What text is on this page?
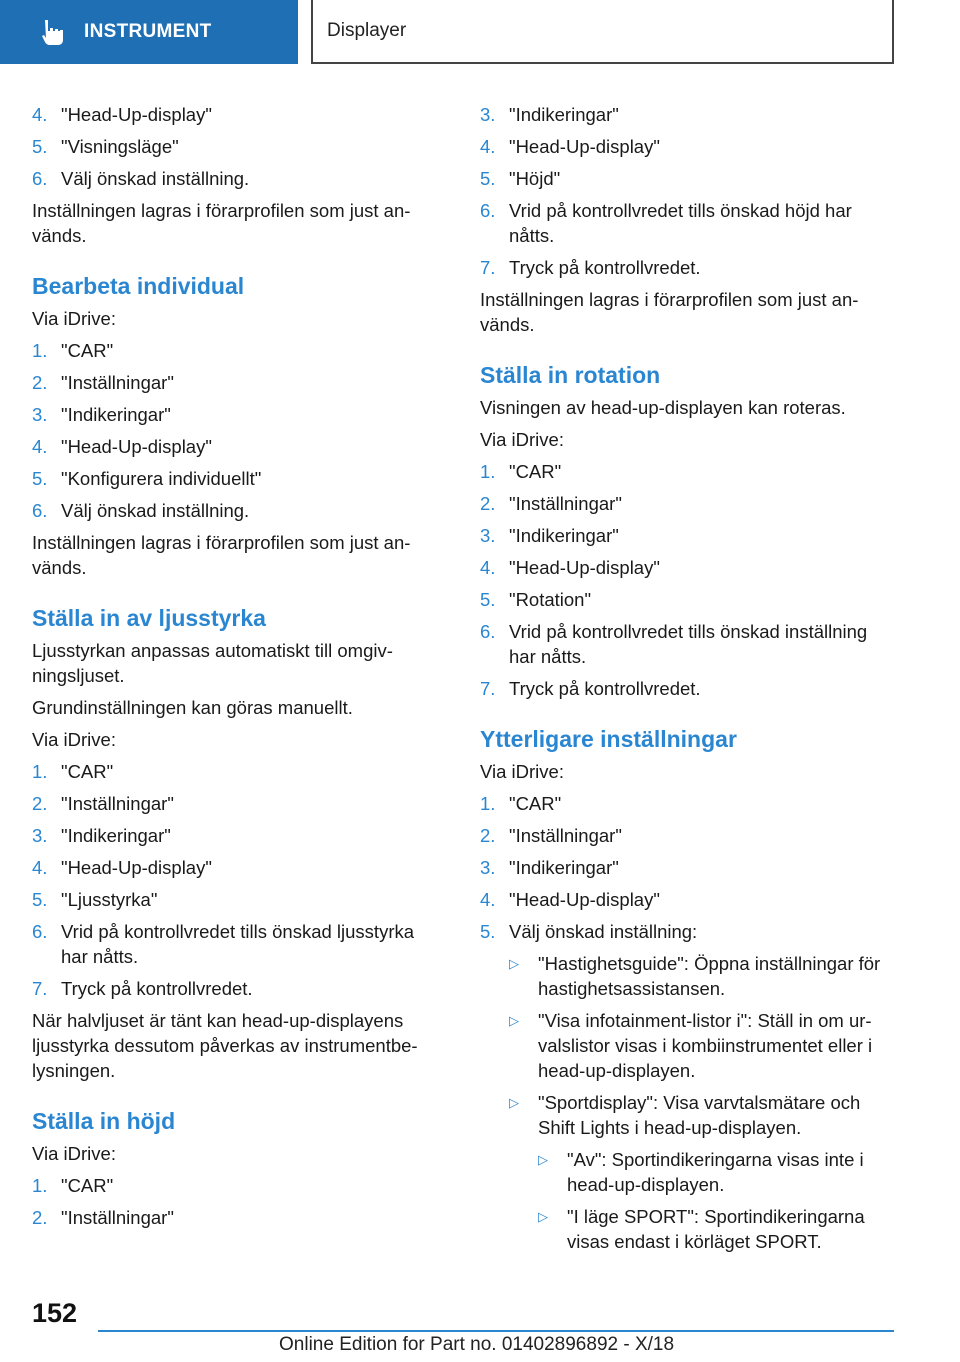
INSTRUMENT	Displayer
4. "Head-Up-display"
5. "Visningsläge"
6. Välj önskad inställning.
Inställningen lagras i förarprofilen som just an-vänds.
Bearbeta individual
Via iDrive:
1. "CAR"
2. "Inställningar"
3. "Indikeringar"
4. "Head-Up-display"
5. "Konfigurera individuellt"
6. Välj önskad inställning.
Inställningen lagras i förarprofilen som just an-vänds.
Ställa in av ljusstyrka
Ljusstyrkan anpassas automatiskt till omgiv-ningsljuset.
Grundinställningen kan göras manuellt.
Via iDrive:
1. "CAR"
2. "Inställningar"
3. "Indikeringar"
4. "Head-Up-display"
5. "Ljusstyrka"
6. Vrid på kontrollvredet tills önskad ljusstyrka har nåtts.
7. Tryck på kontrollvredet.
När halvljuset är tänt kan head-up-displayens ljusstyrka dessutom påverkas av instrumentbe-lysningen.
Ställa in höjd
Via iDrive:
1. "CAR"
2. "Inställningar"
3. "Indikeringar"
4. "Head-Up-display"
5. "Höjd"
6. Vrid på kontrollvredet tills önskad höjd har nåtts.
7. Tryck på kontrollvredet.
Inställningen lagras i förarprofilen som just an-vänds.
Ställa in rotation
Visningen av head-up-displayen kan roteras.
Via iDrive:
1. "CAR"
2. "Inställningar"
3. "Indikeringar"
4. "Head-Up-display"
5. "Rotation"
6. Vrid på kontrollvredet tills önskad inställning har nåtts.
7. Tryck på kontrollvredet.
Ytterligare inställningar
Via iDrive:
1. "CAR"
2. "Inställningar"
3. "Indikeringar"
4. "Head-Up-display"
5. Välj önskad inställning:
▷	"Hastighetsguide": Öppna inställningar för hastighetsassistansen.
▷	"Visa infotainment-listor i": Ställ in om ur-valslistor visas i kombiinstrumentet eller i head-up-displayen.
▷	"Sportdisplay": Visa varvtalsmätare och Shift Lights i head-up-displayen.
▷	"Av": Sportindikeringarna visas inte i head-up-displayen.
▷	"I läge SPORT": Sportindikeringarna visas endast i körläget SPORT.
152
Online Edition for Part no. 01402896892 - X/18
